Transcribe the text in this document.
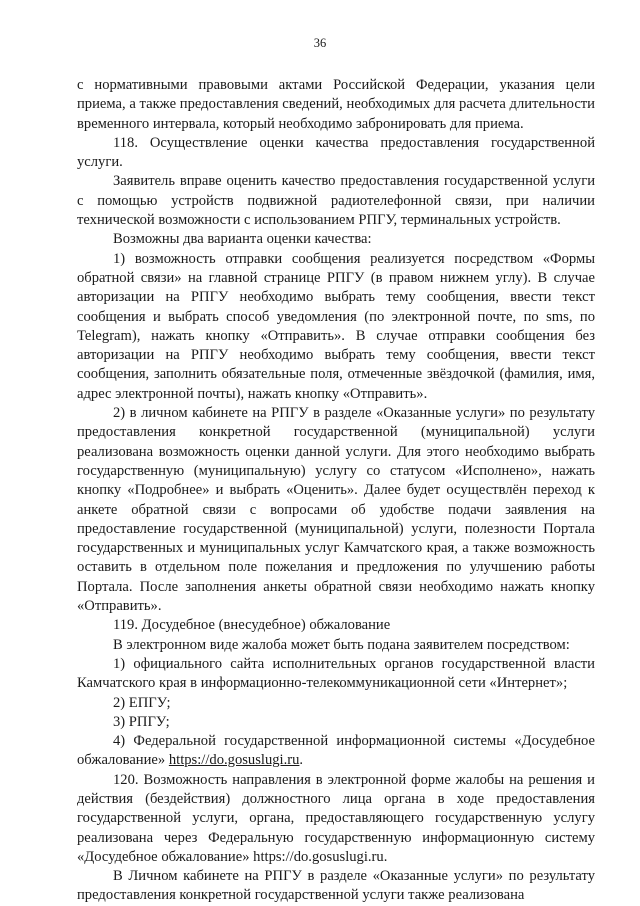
36

с нормативными правовыми актами Российской Федерации, указания цели приема, а также предоставления сведений, необходимых для расчета длительности временного интервала, который необходимо забронировать для приема.

118. Осуществление оценки качества предоставления государственной услуги.

Заявитель вправе оценить качество предоставления государственной услуги с помощью устройств подвижной радиотелефонной связи, при наличии технической возможности с использованием РПГУ, терминальных устройств.

Возможны два варианта оценки качества:

1) возможность отправки сообщения реализуется посредством «Формы обратной связи» на главной странице РПГУ (в правом нижнем углу). В случае авторизации на РПГУ необходимо выбрать тему сообщения, ввести текст сообщения и выбрать способ уведомления (по электронной почте, по sms, по Telegram), нажать кнопку «Отправить». В случае отправки сообщения без авторизации на РПГУ необходимо выбрать тему сообщения, ввести текст сообщения, заполнить обязательные поля, отмеченные звёздочкой (фамилия, имя, адрес электронной почты), нажать кнопку «Отправить».

2) в личном кабинете на РПГУ в разделе «Оказанные услуги» по результату предоставления конкретной государственной (муниципальной) услуги реализована возможность оценки данной услуги. Для этого необходимо выбрать государственную (муниципальную) услугу со статусом «Исполнено», нажать кнопку «Подробнее» и выбрать «Оценить». Далее будет осуществлён переход к анкете обратной связи с вопросами об удобстве подачи заявления на предоставление государственной (муниципальной) услуги, полезности Портала государственных и муниципальных услуг Камчатского края, а также возможность оставить в отдельном поле пожелания и предложения по улучшению работы Портала. После заполнения анкеты обратной связи необходимо нажать кнопку «Отправить».

119. Досудебное (внесудебное) обжалование

В электронном виде жалоба может быть подана заявителем посредством:

1) официального сайта исполнительных органов государственной власти Камчатского края в информационно-телекоммуникационной сети «Интернет»;

2) ЕПГУ;

3) РПГУ;

4) Федеральной государственной информационной системы «Досудебное обжалование» https://do.gosuslugi.ru.

120. Возможность направления в электронной форме жалобы на решения и действия (бездействия) должностного лица органа в ходе предоставления государственной услуги, органа, предоставляющего государственную услугу реализована через Федеральную государственную информационную систему «Досудебное обжалование» https://do.gosuslugi.ru.

В Личном кабинете на РПГУ в разделе «Оказанные услуги» по результату предоставления конкретной государственной услуги также реализована
